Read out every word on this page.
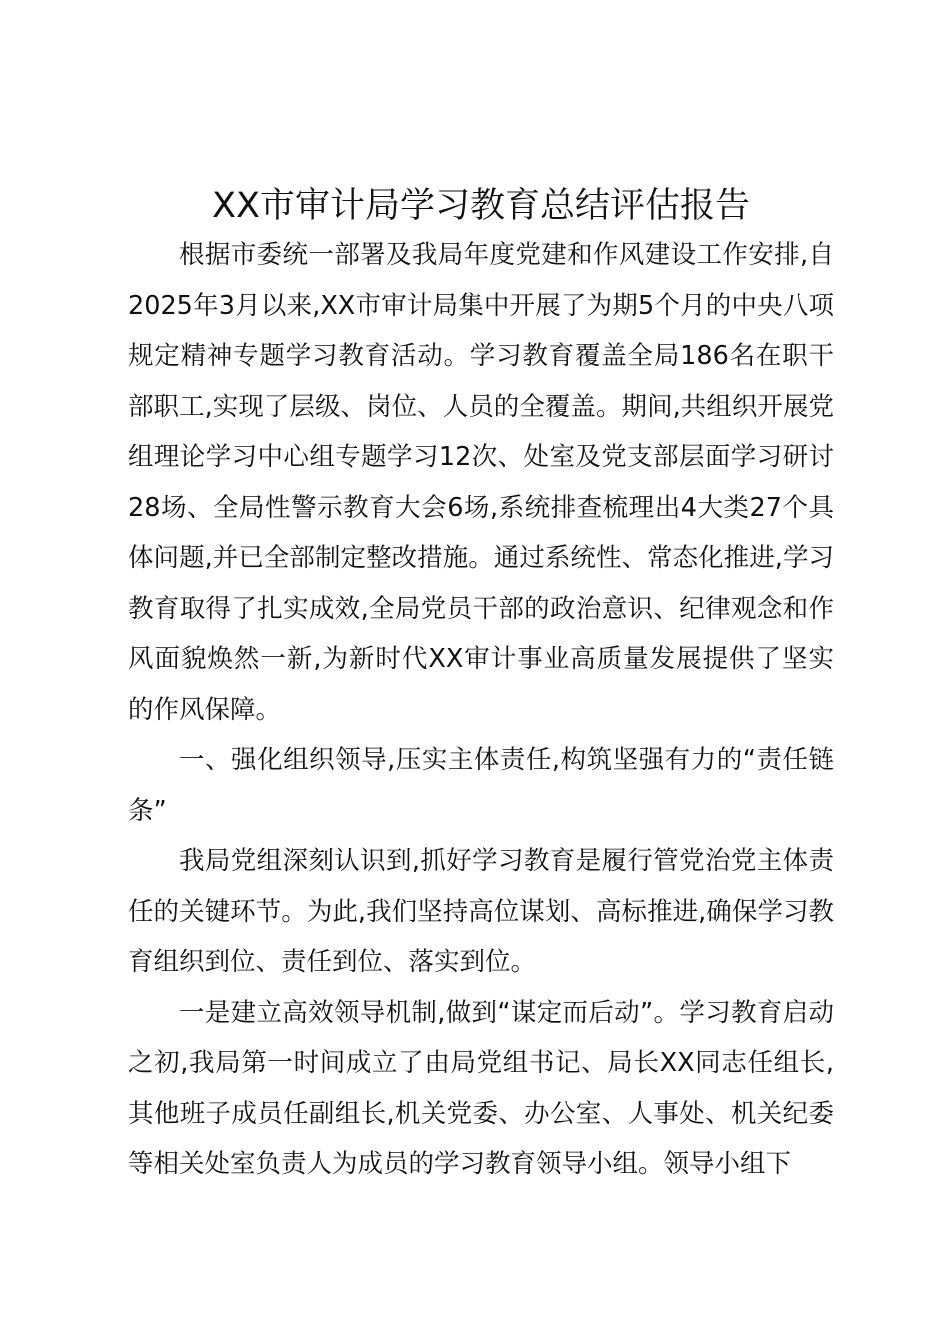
XX市审计局学习教育总结评估报告

根据市委统一部署及我局年度党建和作风建设工作安排,自2025年3月以来,XX市审计局集中开展了为期5个月的中央八项规定精神专题学习教育活动。学习教育覆盖全局186名在职干部职工,实现了层级、岗位、人员的全覆盖。期间,共组织开展党组理论学习中心组专题学习12次、处室及党支部层面学习研讨28场、全局性警示教育大会6场,系统排查梳理出4大类27个具体问题,并已全部制定整改措施。通过系统性、常态化推进,学习教育取得了扎实成效,全局党员干部的政治意识、纪律观念和作风面貌焕然一新,为新时代XX审计事业高质量发展提供了坚实的作风保障。

一、强化组织领导,压实主体责任,构筑坚强有力的“责任链条”

我局党组深刻认识到,抓好学习教育是履行管党治党主体责任的关键环节。为此,我们坚持高位谋划、高标推进,确保学习教育组织到位、责任到位、落实到位。

一是建立高效领导机制,做到“谋定而后动”。学习教育启动之初,我局第一时间成立了由局党组书记、局长XX同志任组长,其他班子成员任副组长,机关党委、办公室、人事处、机关纪委等相关处室负责人为成员的学习教育领导小组。领导小组下
